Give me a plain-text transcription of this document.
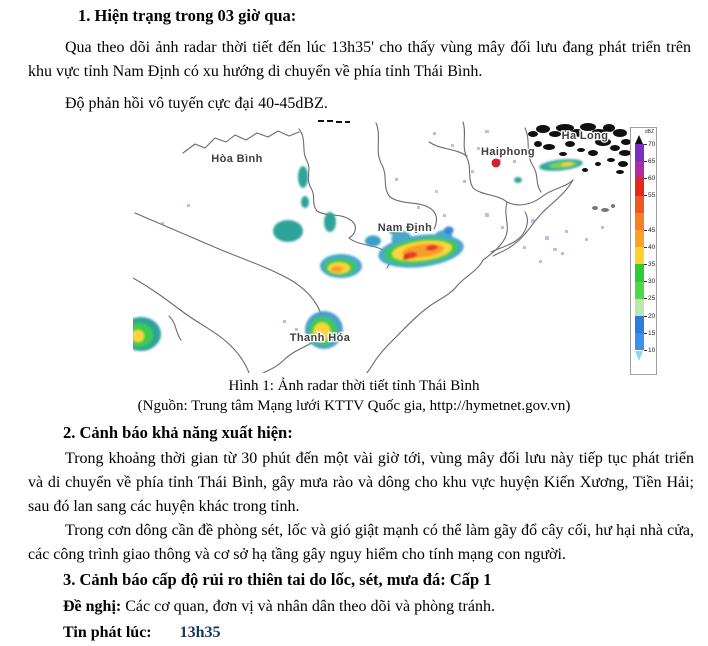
1. Hiện trạng trong 03 giờ qua:
Qua theo dõi ảnh radar thời tiết đến lúc 13h35' cho thấy vùng mây đối lưu đang phát triển trên khu vực tỉnh Nam Định có xu hướng di chuyển về phía tỉnh Thái Bình.
Độ phản hồi vô tuyến cực đại 40-45dBZ.
Hòa Bình
Haiphong
Ha Long
Nam Định
Thanh Hóa
dBZ
70
65
60
55
45
40
35
30
25
20
15
10
Hình 1: Ảnh radar thời tiết tỉnh Thái Bình
(Nguồn: Trung tâm Mạng lưới KTTV Quốc gia, http://hymetnet.gov.vn)
2. Cảnh báo khả năng xuất hiện:
Trong khoảng thời gian từ 30 phút đến một vài giờ tới, vùng mây đối lưu này tiếp tục phát triển và di chuyển về phía tỉnh Thái Bình, gây mưa rào và dông cho khu vực huyện Kiến Xương, Tiền Hải; sau đó lan sang các huyện khác trong tỉnh.
Trong cơn dông cần đề phòng sét, lốc và gió giật mạnh có thể làm gãy đổ cây cối, hư hại nhà cửa, các công trình giao thông và cơ sở hạ tầng gây nguy hiểm cho tính mạng con người.
3. Cảnh báo cấp độ rủi ro thiên tai do lốc, sét, mưa đá: Cấp 1
Đề nghị: Các cơ quan, đơn vị và nhân dân theo dõi và phòng tránh.
Tin phát lúc: 13h35
